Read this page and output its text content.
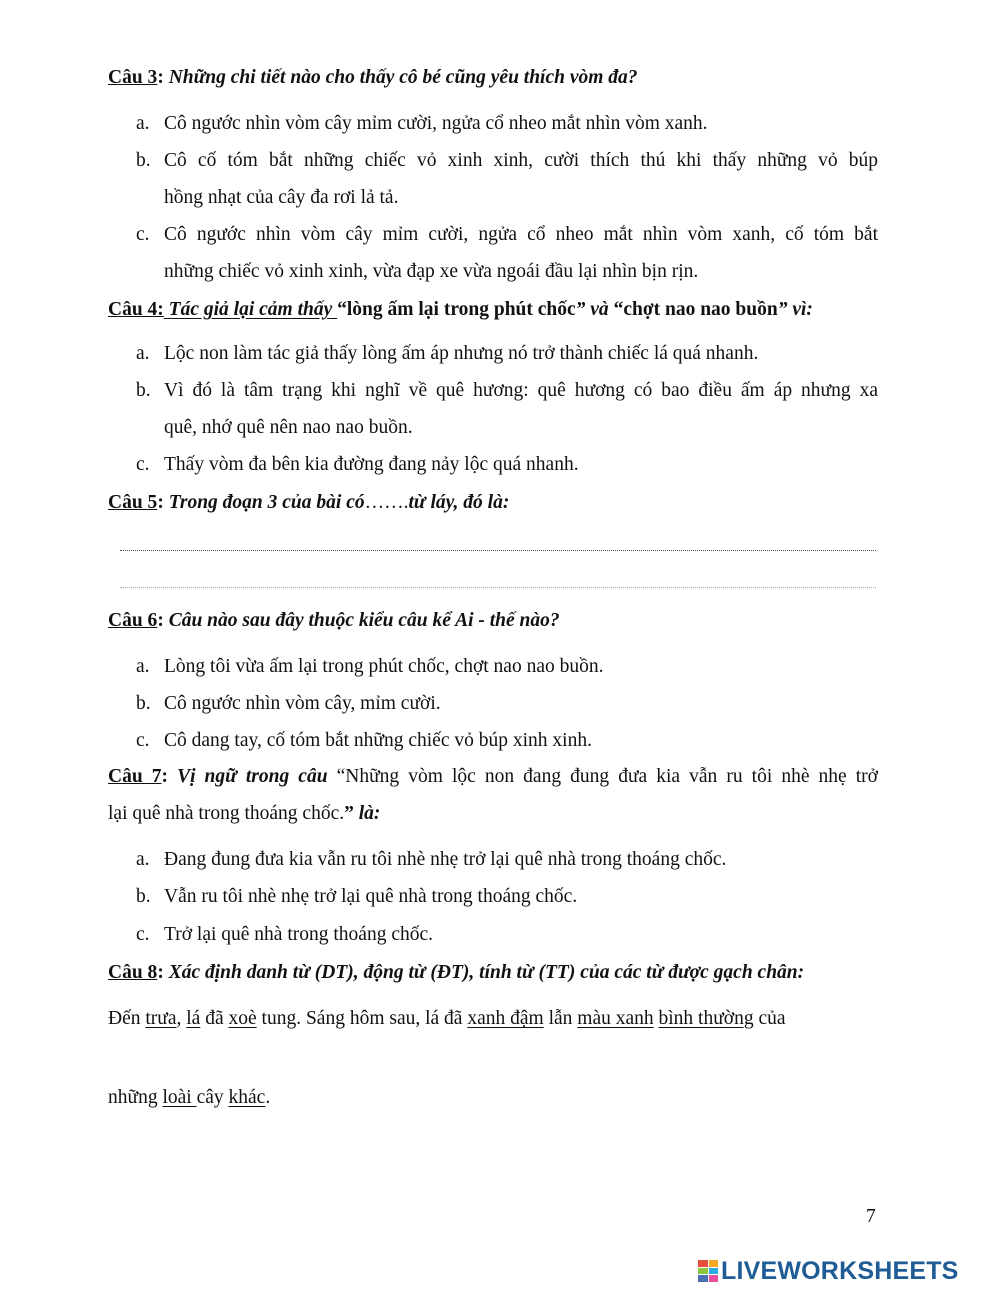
Câu 3: Những chi tiết nào cho thấy cô bé cũng yêu thích vòm đa?
a. Cô ngước nhìn vòm cây mỉm cười, ngửa cổ nheo mắt nhìn vòm xanh.
b. Cô cố tóm bắt những chiếc vỏ xinh xinh, cười thích thú khi thấy những vỏ búp
hồng nhạt của cây đa rơi lả tả.
c. Cô ngước nhìn vòm cây mỉm cười, ngửa cổ nheo mắt nhìn vòm xanh, cố tóm bắt
những chiếc vỏ xinh xinh, vừa đạp xe vừa ngoái đầu lại nhìn bịn rịn.
Câu 4: Tác giả lại cảm thấy “lòng ấm lại trong phút chốc” và “chợt nao nao buồn” vì:
a. Lộc non làm tác giả thấy lòng ấm áp nhưng nó trở thành chiếc lá quá nhanh.
b. Vì đó là tâm trạng khi nghĩ về quê hương: quê hương có bao điều ấm áp nhưng xa
quê, nhớ quê nên nao nao buồn.
c. Thấy vòm đa bên kia đường đang nảy lộc quá nhanh.
Câu 5: Trong đoạn 3 của bài có…….từ láy, đó là:
Câu 6: Câu nào sau đây thuộc kiểu câu kể Ai - thế nào?
a. Lòng tôi vừa ấm lại trong phút chốc, chợt nao nao buồn.
b. Cô ngước nhìn vòm cây, mỉm cười.
c. Cô dang tay, cố tóm bắt những chiếc vỏ búp xinh xinh.
Câu 7: Vị ngữ trong câu “Những vòm lộc non đang đung đưa kia vẫn ru tôi nhè nhẹ trở
lại quê nhà trong thoáng chốc.” là:
a. Đang đung đưa kia vẫn ru tôi nhè nhẹ trở lại quê nhà trong thoáng chốc.
b. Vẫn ru tôi nhè nhẹ trở lại quê nhà trong thoáng chốc.
c. Trở lại quê nhà trong thoáng chốc.
Câu 8: Xác định danh từ (DT), động từ (ĐT), tính từ (TT) của các từ được gạch chân:
Đến trưa, lá đã xoè tung. Sáng hôm sau, lá đã xanh đậm lẫn màu xanh bình thường của
những loài cây khác.
7
LIVEWORKSHEETS
